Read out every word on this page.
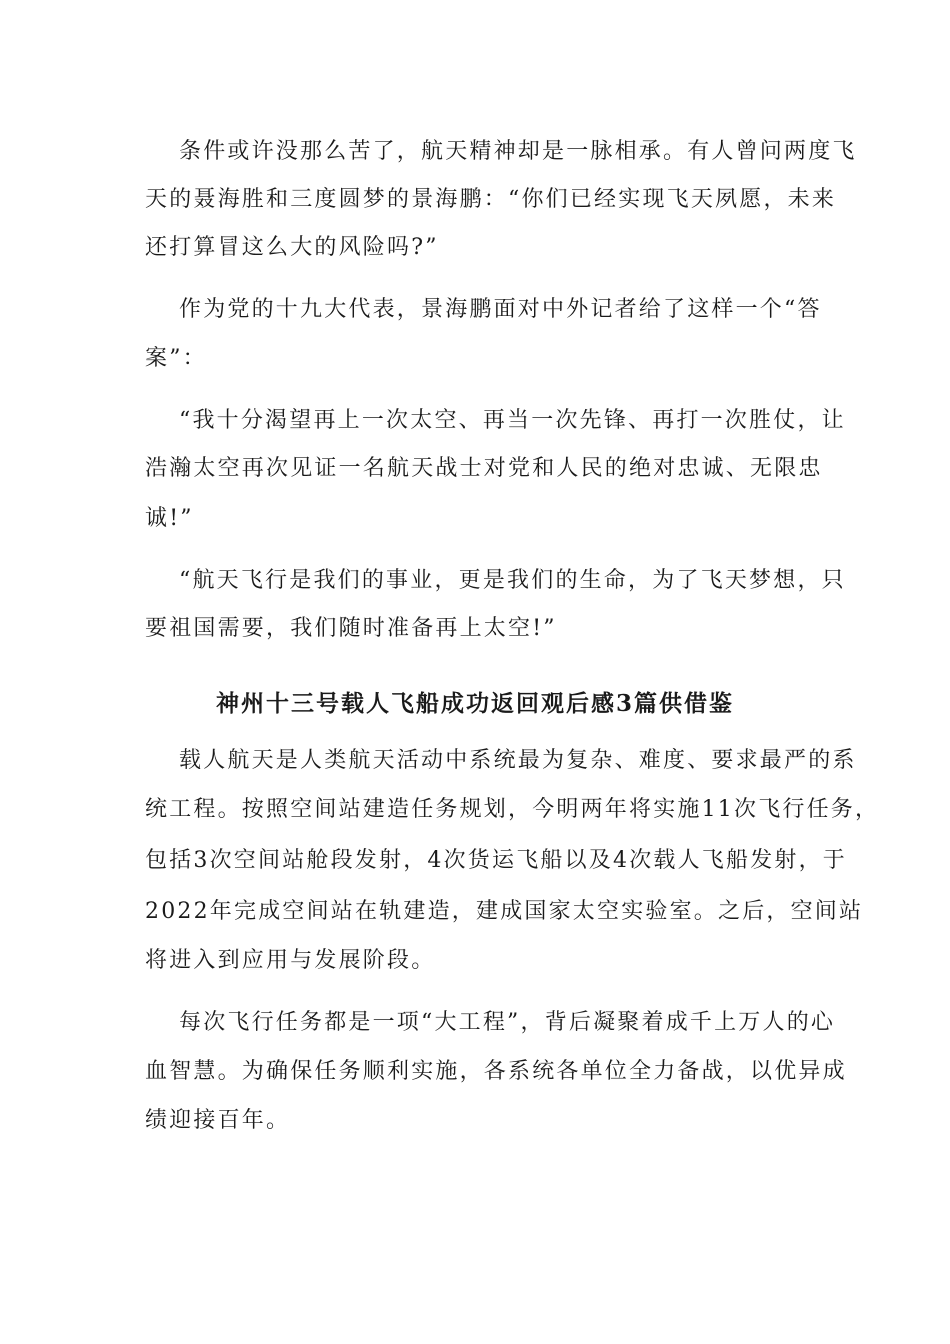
条件或许没那么苦了，航天精神却是一脉相承。有人曾问两度飞
天的聂海胜和三度圆梦的景海鹏：“你们已经实现飞天夙愿，未来
还打算冒这么大的风险吗?”
作为党的十九大代表，景海鹏面对中外记者给了这样一个“答
案”：
“我十分渴望再上一次太空、再当一次先锋、再打一次胜仗，让
浩瀚太空再次见证一名航天战士对党和人民的绝对忠诚、无限忠
诚!”
“航天飞行是我们的事业，更是我们的生命，为了飞天梦想，只
要祖国需要，我们随时准备再上太空!”
载人航天是人类航天活动中系统最为复杂、难度、要求最严的系
统工程。按照空间站建造任务规划，今明两年将实施11次飞行任务，
包括3次空间站舱段发射，4次货运飞船以及4次载人飞船发射，于
2022年完成空间站在轨建造，建成国家太空实验室。之后，空间站
将进入到应用与发展阶段。
每次飞行任务都是一项“大工程”，背后凝聚着成千上万人的心
血智慧。为确保任务顺利实施，各系统各单位全力备战，以优异成
绩迎接百年。
神州十三号载人飞船成功返回观后感3篇供借鉴
